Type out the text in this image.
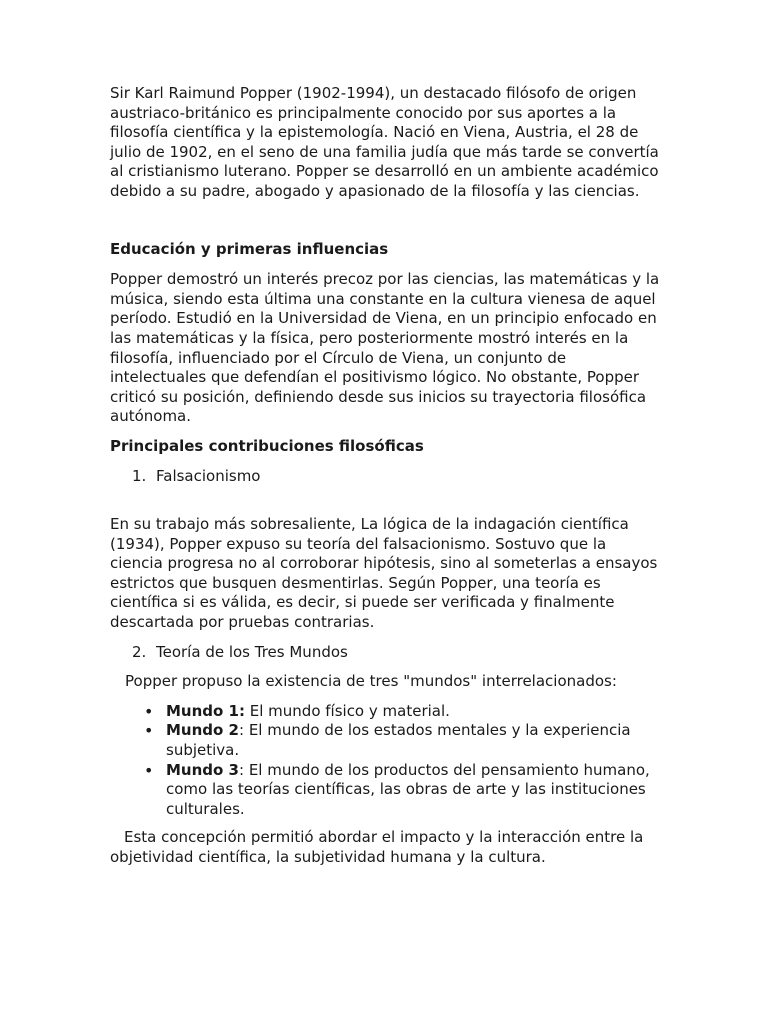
Sir Karl Raimund Popper (1902-1994), un destacado filósofo de origen austriaco-británico es principalmente conocido por sus aportes a la filosofía científica y la epistemología. Nació en Viena, Austria, el 28 de julio de 1902, en el seno de una familia judía que más tarde se convertía al cristianismo luterano. Popper se desarrolló en un ambiente académico debido a su padre, abogado y apasionado de la filosofía y las ciencias.

Educación y primeras influencias

Popper demostró un interés precoz por las ciencias, las matemáticas y la música, siendo esta última una constante en la cultura vienesa de aquel período. Estudió en la Universidad de Viena, en un principio enfocado en las matemáticas y la física, pero posteriormente mostró interés en la filosofía, influenciado por el Círculo de Viena, un conjunto de intelectuales que defendían el positivismo lógico. No obstante, Popper criticó su posición, definiendo desde sus inicios su trayectoria filosófica autónoma.

Principales contribuciones filosóficas

1. Falsacionismo

En su trabajo más sobresaliente, La lógica de la indagación científica (1934), Popper expuso su teoría del falsacionismo. Sostuvo que la ciencia progresa no al corroborar hipótesis, sino al someterlas a ensayos estrictos que busquen desmentirlas. Según Popper, una teoría es científica si es válida, es decir, si puede ser verificada y finalmente descartada por pruebas contrarias.

2. Teoría de los Tres Mundos

Popper propuso la existencia de tres "mundos" interrelacionados:

• Mundo 1: El mundo físico y material.
• Mundo 2: El mundo de los estados mentales y la experiencia subjetiva.
• Mundo 3: El mundo de los productos del pensamiento humano, como las teorías científicas, las obras de arte y las instituciones culturales.

Esta concepción permitió abordar el impacto y la interacción entre la objetividad científica, la subjetividad humana y la cultura.
